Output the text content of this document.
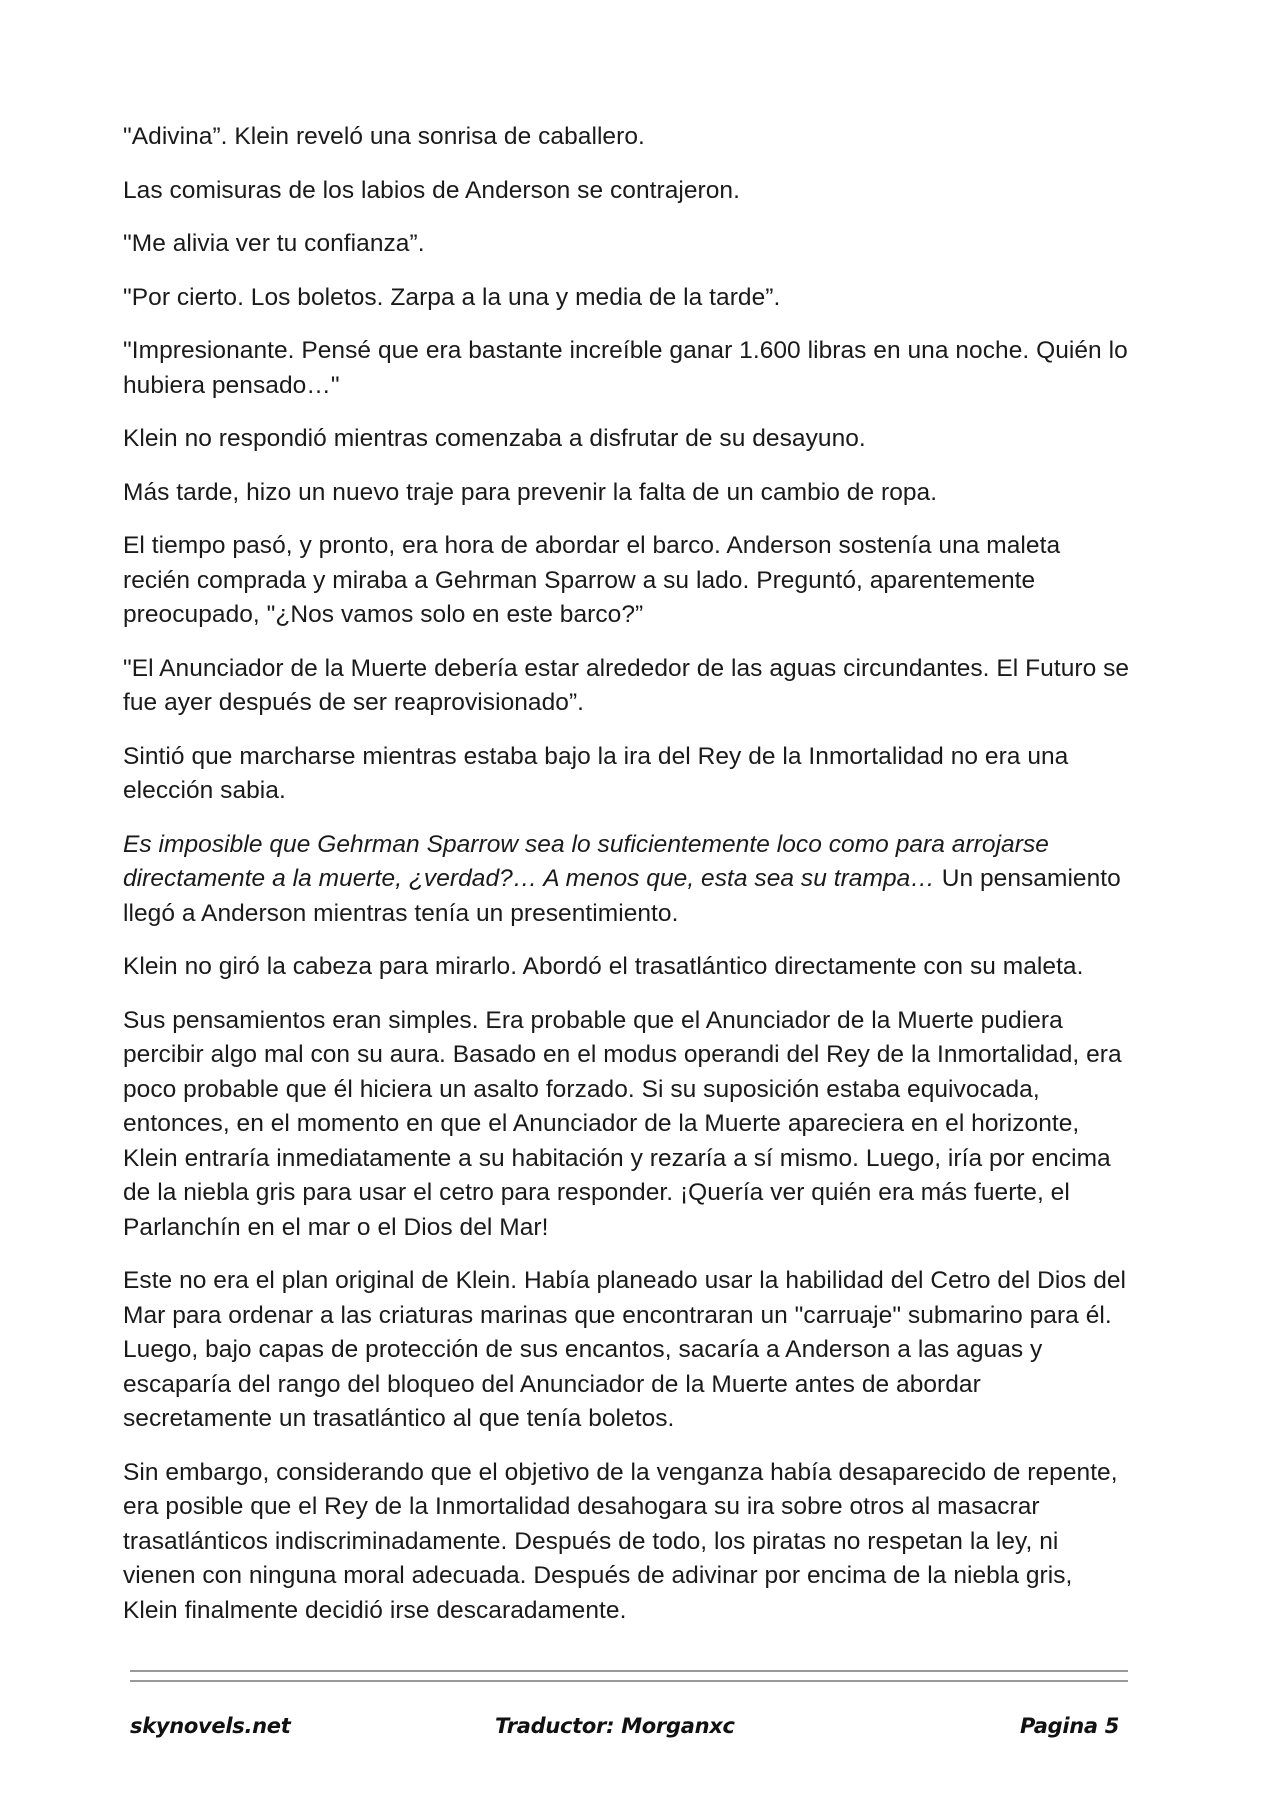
"Adivina”. Klein reveló una sonrisa de caballero.

Las comisuras de los labios de Anderson se contrajeron.

"Me alivia ver tu confianza”.

"Por cierto. Los boletos. Zarpa a la una y media de la tarde”.

"Impresionante. Pensé que era bastante increíble ganar 1.600 libras en una noche. Quién lo hubiera pensado…"

Klein no respondió mientras comenzaba a disfrutar de su desayuno.

Más tarde, hizo un nuevo traje para prevenir la falta de un cambio de ropa.

El tiempo pasó, y pronto, era hora de abordar el barco. Anderson sostenía una maleta recién comprada y miraba a Gehrman Sparrow a su lado. Preguntó, aparentemente preocupado, "¿Nos vamos solo en este barco?”

"El Anunciador de la Muerte debería estar alrededor de las aguas circundantes. El Futuro se fue ayer después de ser reaprovisionado”.

Sintió que marcharse mientras estaba bajo la ira del Rey de la Inmortalidad no era una elección sabia.

Es imposible que Gehrman Sparrow sea lo suficientemente loco como para arrojarse directamente a la muerte, ¿verdad?… A menos que, esta sea su trampa… Un pensamiento llegó a Anderson mientras tenía un presentimiento.

Klein no giró la cabeza para mirarlo. Abordó el trasatlántico directamente con su maleta.

Sus pensamientos eran simples. Era probable que el Anunciador de la Muerte pudiera percibir algo mal con su aura. Basado en el modus operandi del Rey de la Inmortalidad, era poco probable que él hiciera un asalto forzado. Si su suposición estaba equivocada, entonces, en el momento en que el Anunciador de la Muerte apareciera en el horizonte, Klein entraría inmediatamente a su habitación y rezaría a sí mismo. Luego, iría por encima de la niebla gris para usar el cetro para responder. ¡Quería ver quién era más fuerte, el Parlanchín en el mar o el Dios del Mar!

Este no era el plan original de Klein. Había planeado usar la habilidad del Cetro del Dios del Mar para ordenar a las criaturas marinas que encontraran un "carruaje" submarino para él. Luego, bajo capas de protección de sus encantos, sacaría a Anderson a las aguas y escaparía del rango del bloqueo del Anunciador de la Muerte antes de abordar secretamente un trasatlántico al que tenía boletos.

Sin embargo, considerando que el objetivo de la venganza había desaparecido de repente, era posible que el Rey de la Inmortalidad desahogara su ira sobre otros al masacrar trasatlánticos indiscriminadamente. Después de todo, los piratas no respetan la ley, ni vienen con ninguna moral adecuada. Después de adivinar por encima de la niebla gris, Klein finalmente decidió irse descaradamente.

skynovels.net	Traductor: Morganxc	Pagina 5
